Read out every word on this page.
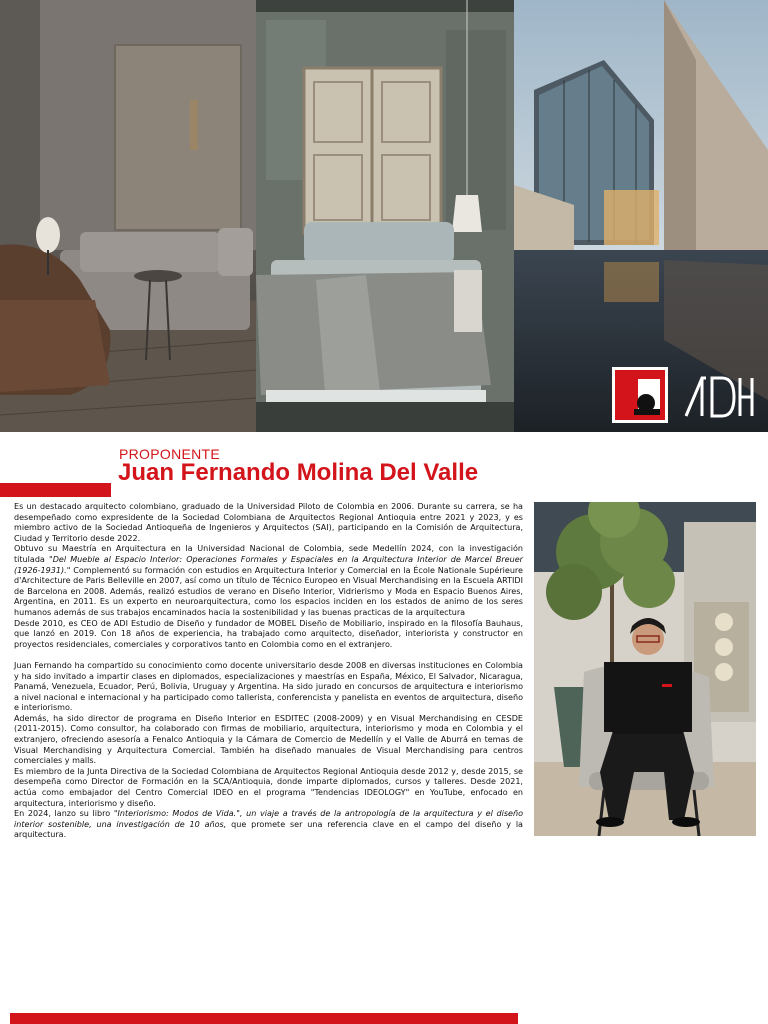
PROPONENTE
Juan Fernando Molina Del Valle

Es un destacado arquitecto colombiano, graduado de la Universidad Piloto de Colombia en 2006. Durante su carrera, se ha desempeñado como expresidente de la Sociedad Colombiana de Arquitectos Regional Antioquia entre 2021 y 2023, y es miembro activo de la Sociedad Antioqueña de Ingenieros y Arquitectos (SAI), participando en la Comisión de Arquitectura, Ciudad y Territorio desde 2022.

Obtuvo su Maestría en Arquitectura en la Universidad Nacional de Colombia, sede Medellín 2024, con la investigación titulada "Del Mueble al Espacio Interior: Operaciones Formales y Espaciales en la Arquitectura Interior de Marcel Breuer (1926-1931)." Complementó su formación con estudios en Arquitectura Interior y Comercial en la École Nationale Supérieure d'Architecture de Paris Belleville en 2007, así como un título de Técnico Europeo en Visual Merchandising en la Escuela ARTIDI de Barcelona en 2008. Además, realizó estudios de verano en Diseño Interior, Vidrierismo y Moda en Espacio Buenos Aires, Argentina, en 2011. Es un experto en neuroarquitectura, como los espacios inciden en los estados de animo de los seres humanos además de sus trabajos encaminados hacia la sostenibilidad y las buenas practicas de la arquitectura

Desde 2010, es CEO de ADI Estudio de Diseño y fundador de MOBEL Diseño de Mobiliario, inspirado en la filosofía Bauhaus, que lanzó en 2019. Con 18 años de experiencia, ha trabajado como arquitecto, diseñador, interiorista y constructor en proyectos residenciales, comerciales y corporativos tanto en Colombia como en el extranjero.

Juan Fernando ha compartido su conocimiento como docente universitario desde 2008 en diversas instituciones en Colombia y ha sido invitado a impartir clases en diplomados, especializaciones y maestrías en España, México, El Salvador, Nicaragua, Panamá, Venezuela, Ecuador, Perú, Bolivia, Uruguay y Argentina. Ha sido jurado en concursos de arquitectura e interiorismo a nivel nacional e internacional y ha participado como tallerista, conferencista y panelista en eventos de arquitectura, diseño e interiorismo.

Además, ha sido director de programa en Diseño Interior en ESDITEC (2008-2009) y en Visual Merchandising en CESDE (2011-2015). Como consultor, ha colaborado con firmas de mobiliario, arquitectura, interiorismo y moda en Colombia y el extranjero, ofreciendo asesoría a Fenalco Antioquia y la Cámara de Comercio de Medellín y el Valle de Aburrá en temas de Visual Merchandising y Arquitectura Comercial. También ha diseñado manuales de Visual Merchandising para centros comerciales y malls.

Es miembro de la Junta Directiva de la Sociedad Colombiana de Arquitectos Regional Antioquia desde 2012 y, desde 2015, se desempeña como Director de Formación en la SCA/Antioquia, donde imparte diplomados, cursos y talleres. Desde 2021, actúa como embajador del Centro Comercial IDEO en el programa "Tendencias IDEOLOGY" en YouTube, enfocado en arquitectura, interiorismo y diseño.

En 2024, lanzo su libro "Interiorismo: Modos de Vida.", un viaje a través de la antropología de la arquitectura y el diseño interior sostenible, una investigación de 10 años, que promete ser una referencia clave en el campo del diseño y la arquitectura.
